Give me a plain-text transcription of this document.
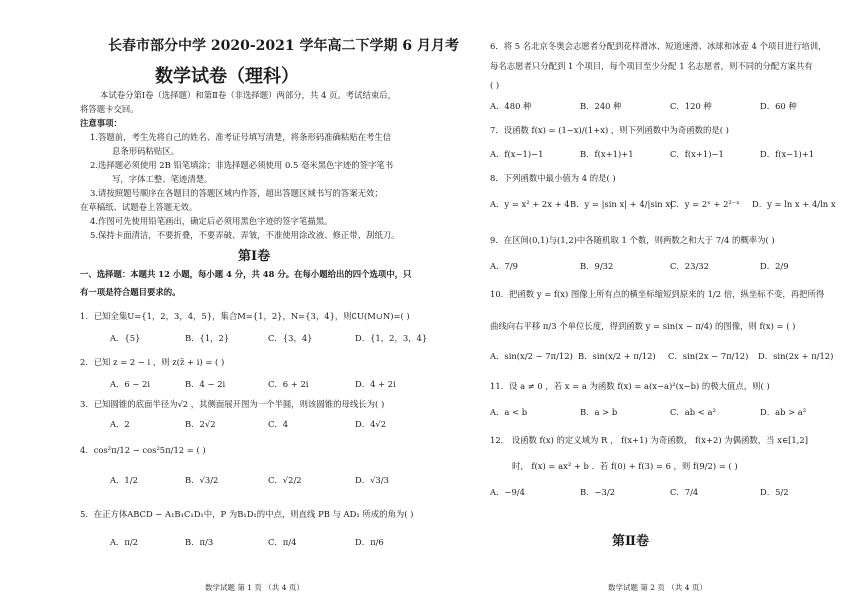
长春市部分中学 2020-2021 学年高二下学期 6 月月考
数学试卷（理科）
本试卷分第Ⅰ卷（选择题）和第Ⅱ卷（非选择题）两部分，共 4 页。考试结束后，
将答题卡交回。
注意事项：
1.答题前，考生先将自己的姓名、准考证号填写清楚，将条形码准确粘贴在考生信
息条形码粘贴区。
2.选择题必须使用 2B 铅笔填涂；非选择题必须使用 0.5 毫米黑色字迹的签字笔书
写，字体工整、笔迹清楚。
3.请按照题号顺序在各题目的答题区域内作答，超出答题区域书写的答案无效；
在草稿纸、试题卷上答题无效。
4.作图可先使用铅笔画出，确定后必须用黑色字迹的签字笔描黑。
5.保持卡面清洁，不要折叠，不要弄破、弄皱，不准使用涂改液、修正带、刮纸刀。
第Ⅰ卷
一、选择题：本题共 12 小题，每小题 4 分，共 48 分。在每小题给出的四个选项中，只
有一项是符合题目要求的。
1．已知全集U={1，2，3，4，5}，集合M={1，2}，N={3，4}，则∁U(M∪N)=( )
A．{5}	B．{1，2}	C．{3，4}	D．{1，2，3，4}
2．已知 z = 2 − i ，则 z(z̄ + i) = ( )
A．6 − 2i	B．4 − 2i	C．6 + 2i	D．4 + 2i
3．已知圆锥的底面半径为√2 ，其侧面展开图为一个半圆，则该圆锥的母线长为( )
A．2	B．2√2	C．4	D．4√2
4．cos²π/12 − cos²5π/12 = ( )
A．1/2	B．√3/2	C．√2/2	D．√3/3
5．在正方体ABCD − A₁B₁C₁D₁中，P 为B₁D₁的中点，则直线 PB 与 AD₁ 所成的角为( )
A．π/2	B．π/3	C．π/4	D．π/6
数学试题 第 1 页 （共 4 页）
6．将 5 名北京冬奥会志愿者分配到花样滑冰、短道速滑、冰球和冰壶 4 个项目进行培训，
每名志愿者只分配到 1 个项目，每个项目至少分配 1 名志愿者，则不同的分配方案共有
( )
A．480 种	B．240 种	C．120 种	D．60 种
7．设函数 f(x) = (1−x)/(1+x) ，则下列函数中为奇函数的是( )
A．f(x−1)−1	B．f(x+1)+1	C．f(x+1)−1	D．f(x−1)+1
8．下列函数中最小值为 4 的是( )
A．y = x² + 2x + 4 B．y = |sin x| + 4/|sin x|
C．y = 2ˣ + 2²⁻ˣ D．y = ln x + 4/ln x
9．在区间(0,1)与(1,2)中各随机取 1 个数，则两数之和大于 7/4 的概率为( )
A．7/9	B．9/32	C．23/32	D．2/9
10．把函数 y = f(x) 图像上所有点的横坐标缩短到原来的 1/2 倍，纵坐标不变，再把所得
曲线向右平移 π/3 个单位长度，得到函数 y = sin(x − π/4) 的图像，则 f(x) = ( )
A．sin(x/2 − 7π/12) B．sin(x/2 + π/12) C．sin(2x − 7π/12) D．sin(2x + π/12)
11．设 a ≠ 0 ，若 x = a 为函数 f(x) = a(x−a)²(x−b) 的极大值点，则( )
A．a < b	B．a > b	C．ab < a²	D．ab > a²
12． 设函数 f(x) 的定义域为 R ， f(x+1) 为奇函数， f(x+2) 为偶函数，当 x∈[1,2]
时， f(x) = ax² + b ．若 f(0) + f(3) = 6 ，则 f(9/2) = ( )
A．−9/4	B．−3/2	C．7/4	D．5/2
第Ⅱ卷
数学试题 第 2 页 （共 4 页）
